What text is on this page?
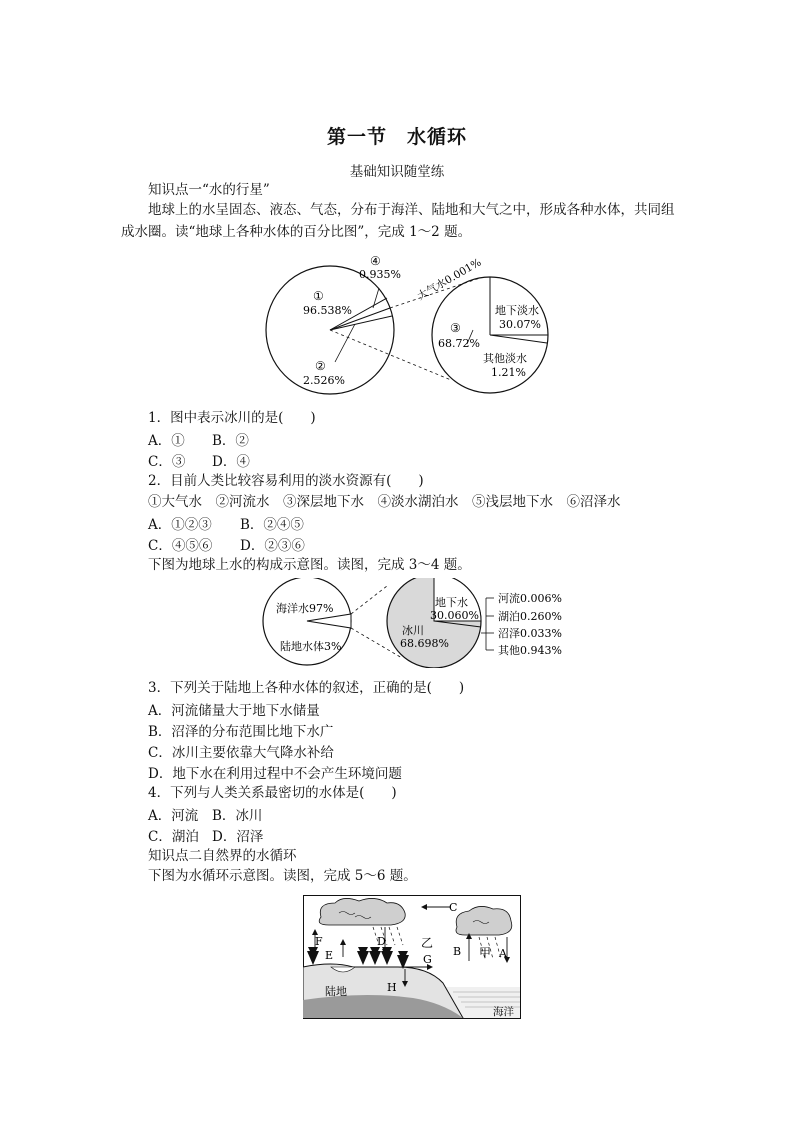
第一节　水循环
基础知识随堂练
知识点一“水的行星”
地球上的水呈固态、液态、气态，分布于海洋、陆地和大气之中，形成各种水体，共同组成水圈。读“地球上各种水体的百分比图”，完成 1～2 题。
④
0.935%
①
96.538%
②
2.526%
大气水0.001%
③
68.72%
地下淡水
30.07%
其他淡水
1.21%
1．图中表示冰川的是(　　)
A．① B．②
C．③ D．④
2．目前人类比较容易利用的淡水资源有(　　)
①大气水　②河流水　③深层地下水　④淡水湖泊水　⑤浅层地下水　⑥沼泽水
A．①②③ B．②④⑤
C．④⑤⑥ D．②③⑥
下图为地球上水的构成示意图。读图，完成 3～4 题。
海洋水97%
陆地水体3%
地下水
30.060%
冰川
68.698%
河流0.006%
湖泊0.260%
沼泽0.033%
其他0.943%
3．下列关于陆地上各种水体的叙述，正确的是(　　)
A．河流储量大于地下水储量
B．沼泽的分布范围比地下水广
C．冰川主要依靠大气降水补给
D．地下水在利用过程中不会产生环境问题
4．下列与人类关系最密切的水体是(　　)
A．河流 B．冰川
C．湖泊 D．沼泽
知识点二自然界的水循环
下图为水循环示意图。读图，完成 5～6 题。
C
F
E
D	乙
G
H
B 甲 A
陆地
海洋
